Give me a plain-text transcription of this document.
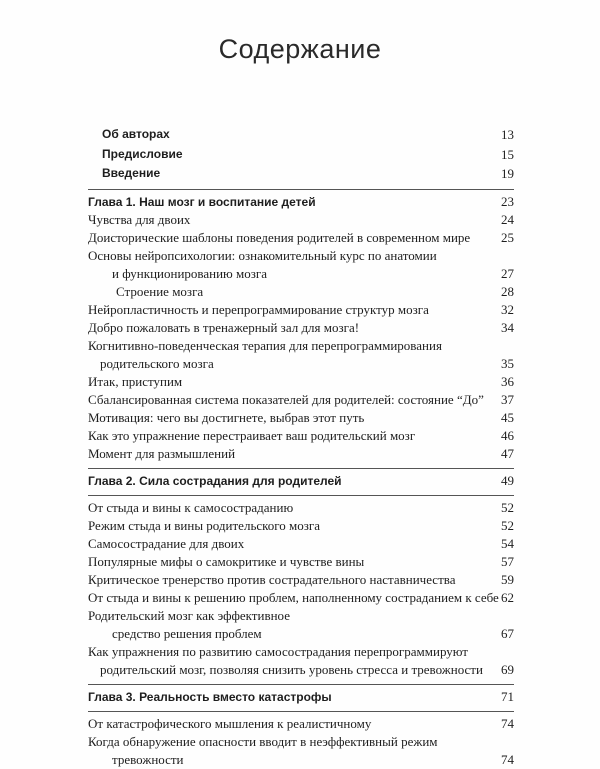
Содержание
Об авторах	13
Предисловие	15
Введение	19
Глава 1. Наш мозг и воспитание детей	23
Чувства для двоих	24
Доисторические шаблоны поведения родителей в современном мире	25
Основы нейропсихологии: ознакомительный курс по анатомии
и функционированию мозга	27
Строение мозга	28
Нейропластичность и перепрограммирование структур мозга	32
Добро пожаловать в тренажерный зал для мозга!	34
Когнитивно-поведенческая терапия для перепрограммирования
родительского мозга	35
Итак, приступим	36
Сбалансированная система показателей для родителей: состояние “До”	37
Мотивация: чего вы достигнете, выбрав этот путь	45
Как это упражнение перестраивает ваш родительский мозг	46
Момент для размышлений	47
Глава 2. Сила сострадания для родителей	49
От стыда и вины к самосостраданию	52
Режим стыда и вины родительского мозга	52
Самосострадание для двоих	54
Популярные мифы о самокритике и чувстве вины	57
Критическое тренерство против сострадательного наставничества	59
От стыда и вины к решению проблем, наполненному состраданием к себе 62
Родительский мозг как эффективное
средство решения проблем	67
Как упражнения по развитию самосострадания перепрограммируют
родительский мозг, позволяя снизить уровень стресса и тревожности	69
Глава 3. Реальность вместо катастрофы	71
От катастрофического мышления к реалистичному	74
Когда обнаружение опасности вводит в неэффективный режим
тревожности	74
